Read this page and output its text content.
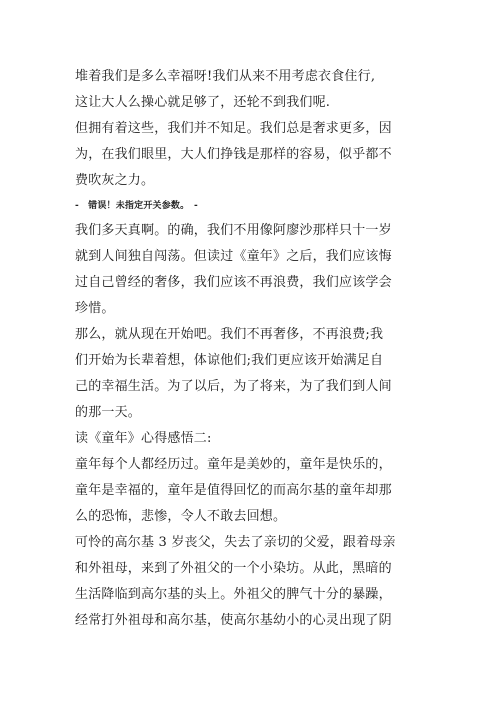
堆着我们是多么幸福呀!我们从来不用考虑衣食住行,
这让大人么操心就足够了，还轮不到我们呢.
但拥有着这些，我们并不知足。我们总是奢求更多，因
为，在我们眼里，大人们挣钱是那样的容易，似乎都不
费吹灰之力。
-　错误！未指定开关参数。　-
我们多天真啊。的确，我们不用像阿廖沙那样只十一岁
就到人间独自闯荡。但读过《童年》之后，我们应该悔
过自己曾经的奢侈，我们应该不再浪费，我们应该学会
珍惜。
那么，就从现在开始吧。我们不再奢侈，不再浪费;我
们开始为长辈着想，体谅他们;我们更应该开始满足自
己的幸福生活。为了以后，为了将来，为了我们到人间
的那一天。
读《童年》心得感悟二:
童年每个人都经历过。童年是美妙的，童年是快乐的，
童年是幸福的，童年是值得回忆的而高尔基的童年却那
么的恐怖，悲惨，令人不敢去回想。
可怜的高尔基 3 岁丧父，失去了亲切的父爱，跟着母亲
和外祖母，来到了外祖父的一个小染坊。从此，黑暗的
生活降临到高尔基的头上。外祖父的脾气十分的暴躁，
经常打外祖母和高尔基，使高尔基幼小的心灵出现了阴
